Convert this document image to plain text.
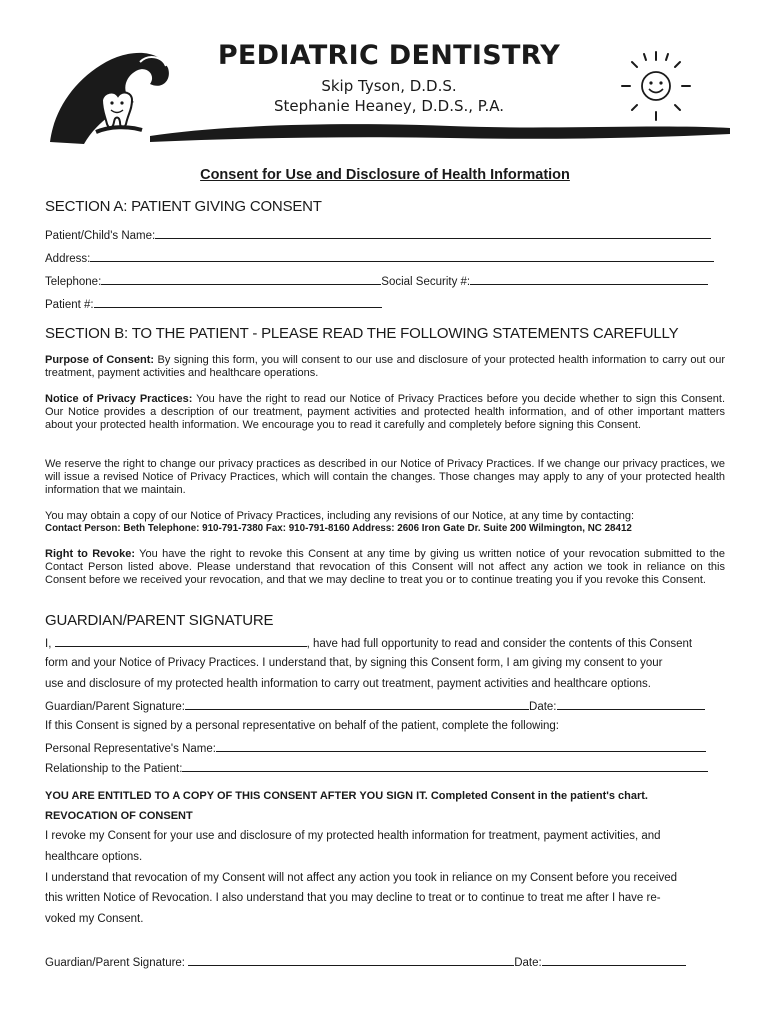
PEDIATRIC DENTISTRY
Skip Tyson, D.D.S.
Stephanie Heaney, D.D.S., P.A.
Consent for Use and Disclosure of Health Information
SECTION A: PATIENT GIVING CONSENT
Patient/Child's Name:
Address:
Telephone:	Social Security #:
Patient #:
SECTION B: TO THE PATIENT - PLEASE READ THE FOLLOWING STATEMENTS CAREFULLY
Purpose of Consent: By signing this form, you will consent to our use and disclosure of your protected health information to carry out our treatment, payment activities and healthcare operations.
Notice of Privacy Practices: You have the right to read our Notice of Privacy Practices before you decide whether to sign this Consent. Our Notice provides a description of our treatment, payment activities and protected health information, and of other important matters about your protected health information. We encourage you to read it carefully and completely before signing this Consent.
We reserve the right to change our privacy practices as described in our Notice of Privacy Practices. If we change our privacy practices, we will issue a revised Notice of Privacy Practices, which will contain the changes. Those changes may apply to any of your protected health information that we maintain.
You may obtain a copy of our Notice of Privacy Practices, including any revisions of our Notice, at any time by contacting:
Contact Person: Beth Telephone: 910-791-7380 Fax: 910-791-8160 Address: 2606 Iron Gate Dr. Suite 200 Wilmington, NC 28412
Right to Revoke: You have the right to revoke this Consent at any time by giving us written notice of your revocation submitted to the Contact Person listed above. Please understand that revocation of this Consent will not affect any action we took in reliance on this Consent before we received your revocation, and that we may decline to treat you or to continue treating you if you revoke this Consent.
GUARDIAN/PARENT SIGNATURE
I,	, have had full opportunity to read and consider the contents of this Consent
form and your Notice of Privacy Practices. I understand that, by signing this Consent form, I am giving my consent to your
use and disclosure of my protected health information to carry out treatment, payment activities and healthcare options.
Guardian/Parent Signature:	Date:
If this Consent is signed by a personal representative on behalf of the patient, complete the following:
Personal Representative's Name:
Relationship to the Patient:
YOU ARE ENTITLED TO A COPY OF THIS CONSENT AFTER YOU SIGN IT. Completed Consent in the patient's chart.
REVOCATION OF CONSENT
I revoke my Consent for your use and disclosure of my protected health information for treatment, payment activities, and
healthcare options.
I understand that revocation of my Consent will not affect any action you took in reliance on my Consent before you received
this written Notice of Revocation. I also understand that you may decline to treat or to continue to treat me after I have re-
voked my Consent.
Guardian/Parent Signature:	Date:
